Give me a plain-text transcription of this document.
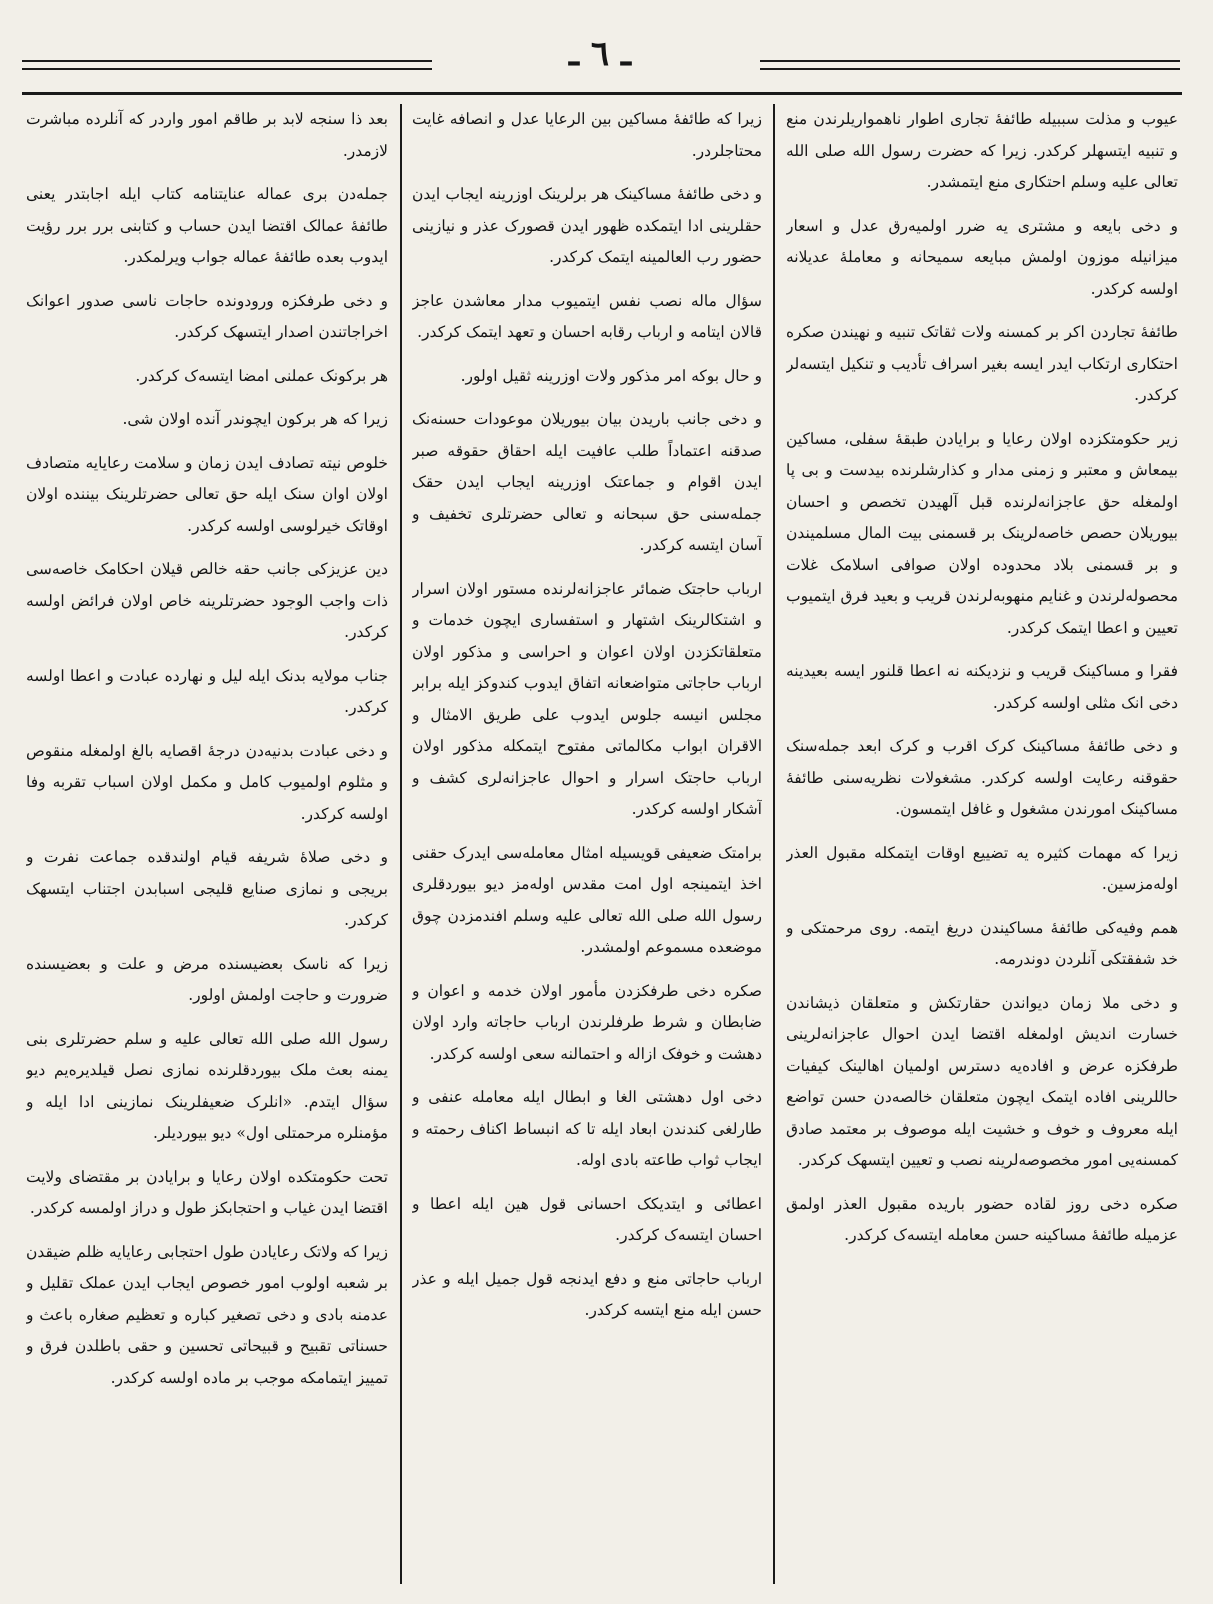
ـ ٦ ـ

عیوب و مذلت سببیله طائفۀ تجاری اطوار ناهمواریلرندن منع و تنبیه ایتسهلر کرکدر. زیرا که حضرت رسول الله صلی الله تعالی علیه وسلم احتکاری منع ایتمشدر.

و دخی بایعه و مشتری یه ضرر اولمیه‌رق عدل و اسعار میزانیله موزون اولمش مبایعه سمیحانه و معاملۀ عدیلانه اولسه کرکدر.

طائفۀ تجاردن اکر بر کمسنه ولات ثقاتک تنبیه و نهیندن صکره احتکاری ارتکاب ایدر ایسه بغیر اسراف تأدیب و تنکیل ایتسه‌لر کرکدر.

زیر حکومتکزده اولان رعایا و برایادن طبقۀ سفلی، مساکین بیمعاش و معتبر و زمنی مدار و کذارشلرنده بیدست و بی پا اولمغله حق عاجزانه‌لرنده قبل آلهیدن تخصص و احسان بیوریلان حصص خاصه‌لرینک بر قسمنی بیت المال مسلمیندن و بر قسمنی بلاد محدوده اولان صوافی اسلامک غلات محصوله‌لرندن و غنایم منهوبه‌لرندن قریب و بعید فرق ایتمیوب تعیین و اعطا ایتمک کرکدر.

فقرا و مساکینک قریب و نزدیکنه نه اعطا قلنور ایسه بعیدینه دخی انک مثلی اولسه کرکدر.

و دخی طائفۀ مساکینک کرک اقرب و کرک ابعد جمله‌سنک حقوقنه رعایت اولسه کرکدر. مشغولات نظریه‌سنی طائفۀ مساکینک امورندن مشغول و غافل ایتمسون.

زیرا که مهمات کثیره‌ یه تضییع اوقات ایتمکله مقبول العذر اوله‌مزسین.

همم وفیه‌کی طائفۀ مساکیندن دریغ ایتمه. روی مرحمتکی و خد شفقتکی آنلردن دوندرمه.

و دخی ملا زمان دیواندن حقارتکش و متعلقان ذیشاندن خسارت اندیش اولمغله اقتضا ایدن احوال عاجزانه‌لرینی طرفکزه عرض و افاده‌یه دسترس اولمیان اهالینک کیفیات حاللرینی افاده ایتمک ایچون متعلقان خالصه‌دن حسن تواضع ایله معروف و خوف و خشیت ایله موصوف بر معتمد صادق کمسنه‌یی امور مخصوصه‌لرینه نصب و تعیین ایتسهک کرکدر.

صکره دخی روز لقاده حضور باریده مقبول العذر اولمق عزمیله طائفۀ مساکینه حسن معامله ایتسه‌ک کرکدر.

زیرا که طائفۀ مساکین بین الرعایا عدل و انصافه غایت محتاجلردر.

و دخی طائفۀ مساکینک هر برلرینک اوزرینه ایجاب ایدن حقلرینی ادا ایتمکده ظهور ایدن قصورک عذر و نیازینی حضور رب العالمینه ایتمک کرکدر.

سؤال ماله نصب نفس ایتمیوب مدار معاشدن عاجز قالان ایتامه و ارباب رقابه احسان و تعهد ایتمک کرکدر.

و حال بوکه امر مذکور ولات اوزرینه ثقیل اولور.

و دخی جانب باریدن بیان بیوریلان موعودات حسنه‌نک صدقنه اعتماداً طلب عافیت ایله احقاق حقوقه صبر ایدن اقوام و جماعتک اوزرینه ایجاب ایدن حقک جمله‌سنی حق سبحانه و تعالی حضرتلری تخفیف و آسان ایتسه کرکدر.

ارباب حاجتک ضمائر عاجزانه‌لرنده مستور اولان اسرار و اشتکالرینک اشتهار و استفساری ایچون خدمات و متعلقاتکزدن اولان اعوان و احراسی و مذکور اولان ارباب حاجاتی متواضعانه اتفاق ایدوب کندوکز ایله برابر مجلس انیسه جلوس ایدوب علی طریق الامثال و الاقران ابواب مکالماتی مفتوح ایتمکله مذکور اولان ارباب حاجتک اسرار و احوال عاجزانه‌لری کشف و آشکار اولسه کرکدر.

برامتک ضعیفی قویسیله امثال معامله‌سی ایدرک حقنی اخذ ایتمینجه اول امت مقدس اوله‌مز دیو بیوردقلری رسول الله صلی الله تعالی علیه وسلم افندمزدن چوق موضعده مسموعم اولمشدر.

صکره دخی طرفکزدن مأمور اولان خدمه و اعوان و ضابطان و شرط طرفلرندن ارباب حاجاته وارد اولان دهشت و خوفک ازاله و احتمالنه سعی اولسه کرکدر.

دخی اول دهشتی الغا و ابطال ایله معامله عنفی و طارلغی کندندن ابعاد ایله تا که انبساط اکناف رحمته و ایجاب ثواب طاعته بادی اوله.

اعطائی و ایتدیکک احسانی قول هین ایله اعطا و احسان ایتسه‌ک کرکدر.

ارباب حاجاتی منع و دفع ایدنجه قول جمیل ایله و عذر حسن ایله منع ایتسه کرکدر.

بعد ذا سنجه لابد بر طاقم امور واردر که آنلرده مباشرت لازمدر.

جمله‌دن بری عماله عنایتنامه کتاب ایله اجابتدر یعنی طائفۀ عمالک اقتضا ایدن حساب و کتابنی برر برر رؤیت ایدوب بعده طائفۀ عماله جواب ویرلمکدر.

و دخی طرفکزه ورودونده حاجات ناسی صدور اعوانک اخراجاتندن اصدار ایتسهک کرکدر.

هر برکونک عملنی امضا ایتسه‌ک کرکدر.

زیرا که هر برکون ایچوندر آنده اولان شی.

خلوص نیته تصادف ایدن زمان و سلامت رعایایه متصادف اولان اوان سنک ایله حق تعالی حضرتلرینک بیننده اولان اوقاتک خیرلوسی اولسه کرکدر.

دین عزیزکی جانب حقه خالص قیلان احکامک خاصه‌سی ذات واجب الوجود حضرتلرینه خاص اولان فرائض اولسه کرکدر.

جناب مولایه بدنک ایله لیل و نهارده عبادت و اعطا اولسه کرکدر.

و دخی عبادت بدنیه‌دن درجۀ اقصایه بالغ اولمغله منقوص و مثلوم اولمیوب کامل و مکمل اولان اسباب تقربه وفا اولسه کرکدر.

و دخی صلاۀ شریفه قیام اولندقده جماعت نفرت و بریجی و نمازی صنایع قلیجی اسبابدن اجتناب ایتسهک کرکدر.

زیرا که ناسک بعضیسنده مرض و علت و بعضیسنده ضرورت و حاجت اولمش اولور.

رسول الله صلی الله تعالی علیه و سلم حضرتلری بنی یمنه بعث ملک بیوردقلرنده نمازی نصل قیلدیره‌یم دیو سؤال ایتدم. «انلرک ضعیفلرینک نمازینی ادا ایله و مؤمنلره مرحمتلی اول» دیو بیوردیلر.

تحت حکومتکده اولان رعایا و برایادن بر مقتضای ولایت اقتضا ایدن غیاب و احتجابکز طول و دراز اولمسه کرکدر.

زیرا که ولاتک رعایادن طول احتجابی رعایایه ظلم ضیقدن بر شعبه اولوب امور خصوص ایجاب ایدن عملک تقلیل و عدمنه بادی و دخی تصغیر کباره و تعظیم صغاره باعث و حسناتی تقبیح و قبیحاتی تحسین و حقی باطلدن فرق و تمییز ایتمامکه موجب بر ماده اولسه کرکدر.
